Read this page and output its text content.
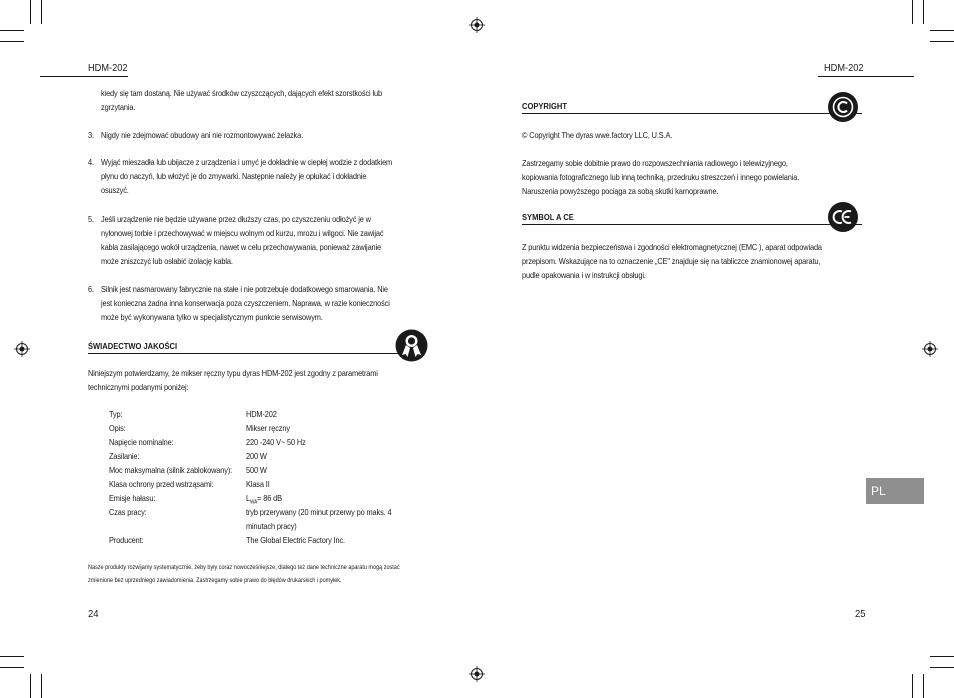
HDM-202
kiedy się tam dostaną. Nie używać środków czyszczących, dających efekt szorstkości lub
zgrzytania.
3. Nigdy nie zdejmować obudowy ani nie rozmontowywać żelazka.
4. Wyjąć mieszadła lub ubijacze z urządzenia i umyć je dokładnie w ciepłej wodzie z dodatkiem
płynu do naczyń, lub włożyć je do zmywarki. Następnie należy je opłukać i dokładnie
osuszyć.
5. Jeśli urządzenie nie będzie używane przez dłuższy czas, po czyszczeniu odłożyć je w
nylonowej torbie i przechowywać w miejscu wolnym od kurzu, mrozu i wilgoci. Nie zawijać
kabla zasilającego wokół urządzenia, nawet w celu przechowywania, ponieważ zawijanie
może zniszczyć lub osłabić izolację kabla.
6. Silnik jest nasmarowany fabrycznie na stałe i nie potrzebuje dodatkowego smarowania. Nie
jest konieczna żadna inna konserwacja poza czyszczeniem. Naprawa, w razie konieczności
może być wykonywana tylko w specjalistycznym punkcie serwisowym.
ŚWIADECTWO JAKOŚCI
Niniejszym potwierdzamy, że mikser ręczny typu dyras HDM-202 jest zgodny z parametrami
technicznymi podanymi poniżej:
Typ:	HDM-202
Opis:	Mikser ręczny
Napięcie nominalne:	220 -240 V~ 50 Hz
Zasilanie:	200 W
Moc maksymalna (silnik zablokowany): 500 W
Klasa ochrony przed wstrząsami:	Klasa II
Emisje hałasu:	$L_{WA}= 86$ dB
Czas pracy:	tryb przerywany (20 minut przerwy po maks. 4
minutach pracy)
Producent:	The Global Electric Factory Inc.
Nasze produkty rozwijamy systematycznie, żeby były coraz nowocześniejsze, dlatego też dane techniczne aparatu mogą zostać
zmienione bez uprzedniego zawiadomienia. Zastrzegamy sobie prawo do błędów drukarskich i pomyłek.
24
HDM-202
COPYRIGHT
© Copyright The dyras wwe.factory LLC, U.S.A.
Zastrzegamy sobie dobitnie prawo do rozpowszechniania radiowego i telewizyjnego,
kopiowania fotograficznego lub inną techniką, przedruku streszczeń i innego powielania.
Naruszenia powyższego pociąga za sobą skutki karnoprawne.
SYMBOL A CE
Z punktu widzenia bezpieczeństwa i zgodności elektromagnetycznej (EMC ), aparat odpowiada
przepisom. Wskazujące na to oznaczenie „CE" znajduje się na tabliczce znamionowej aparatu,
pudle opakowania i w instrukcji obsługi.
PL
25
